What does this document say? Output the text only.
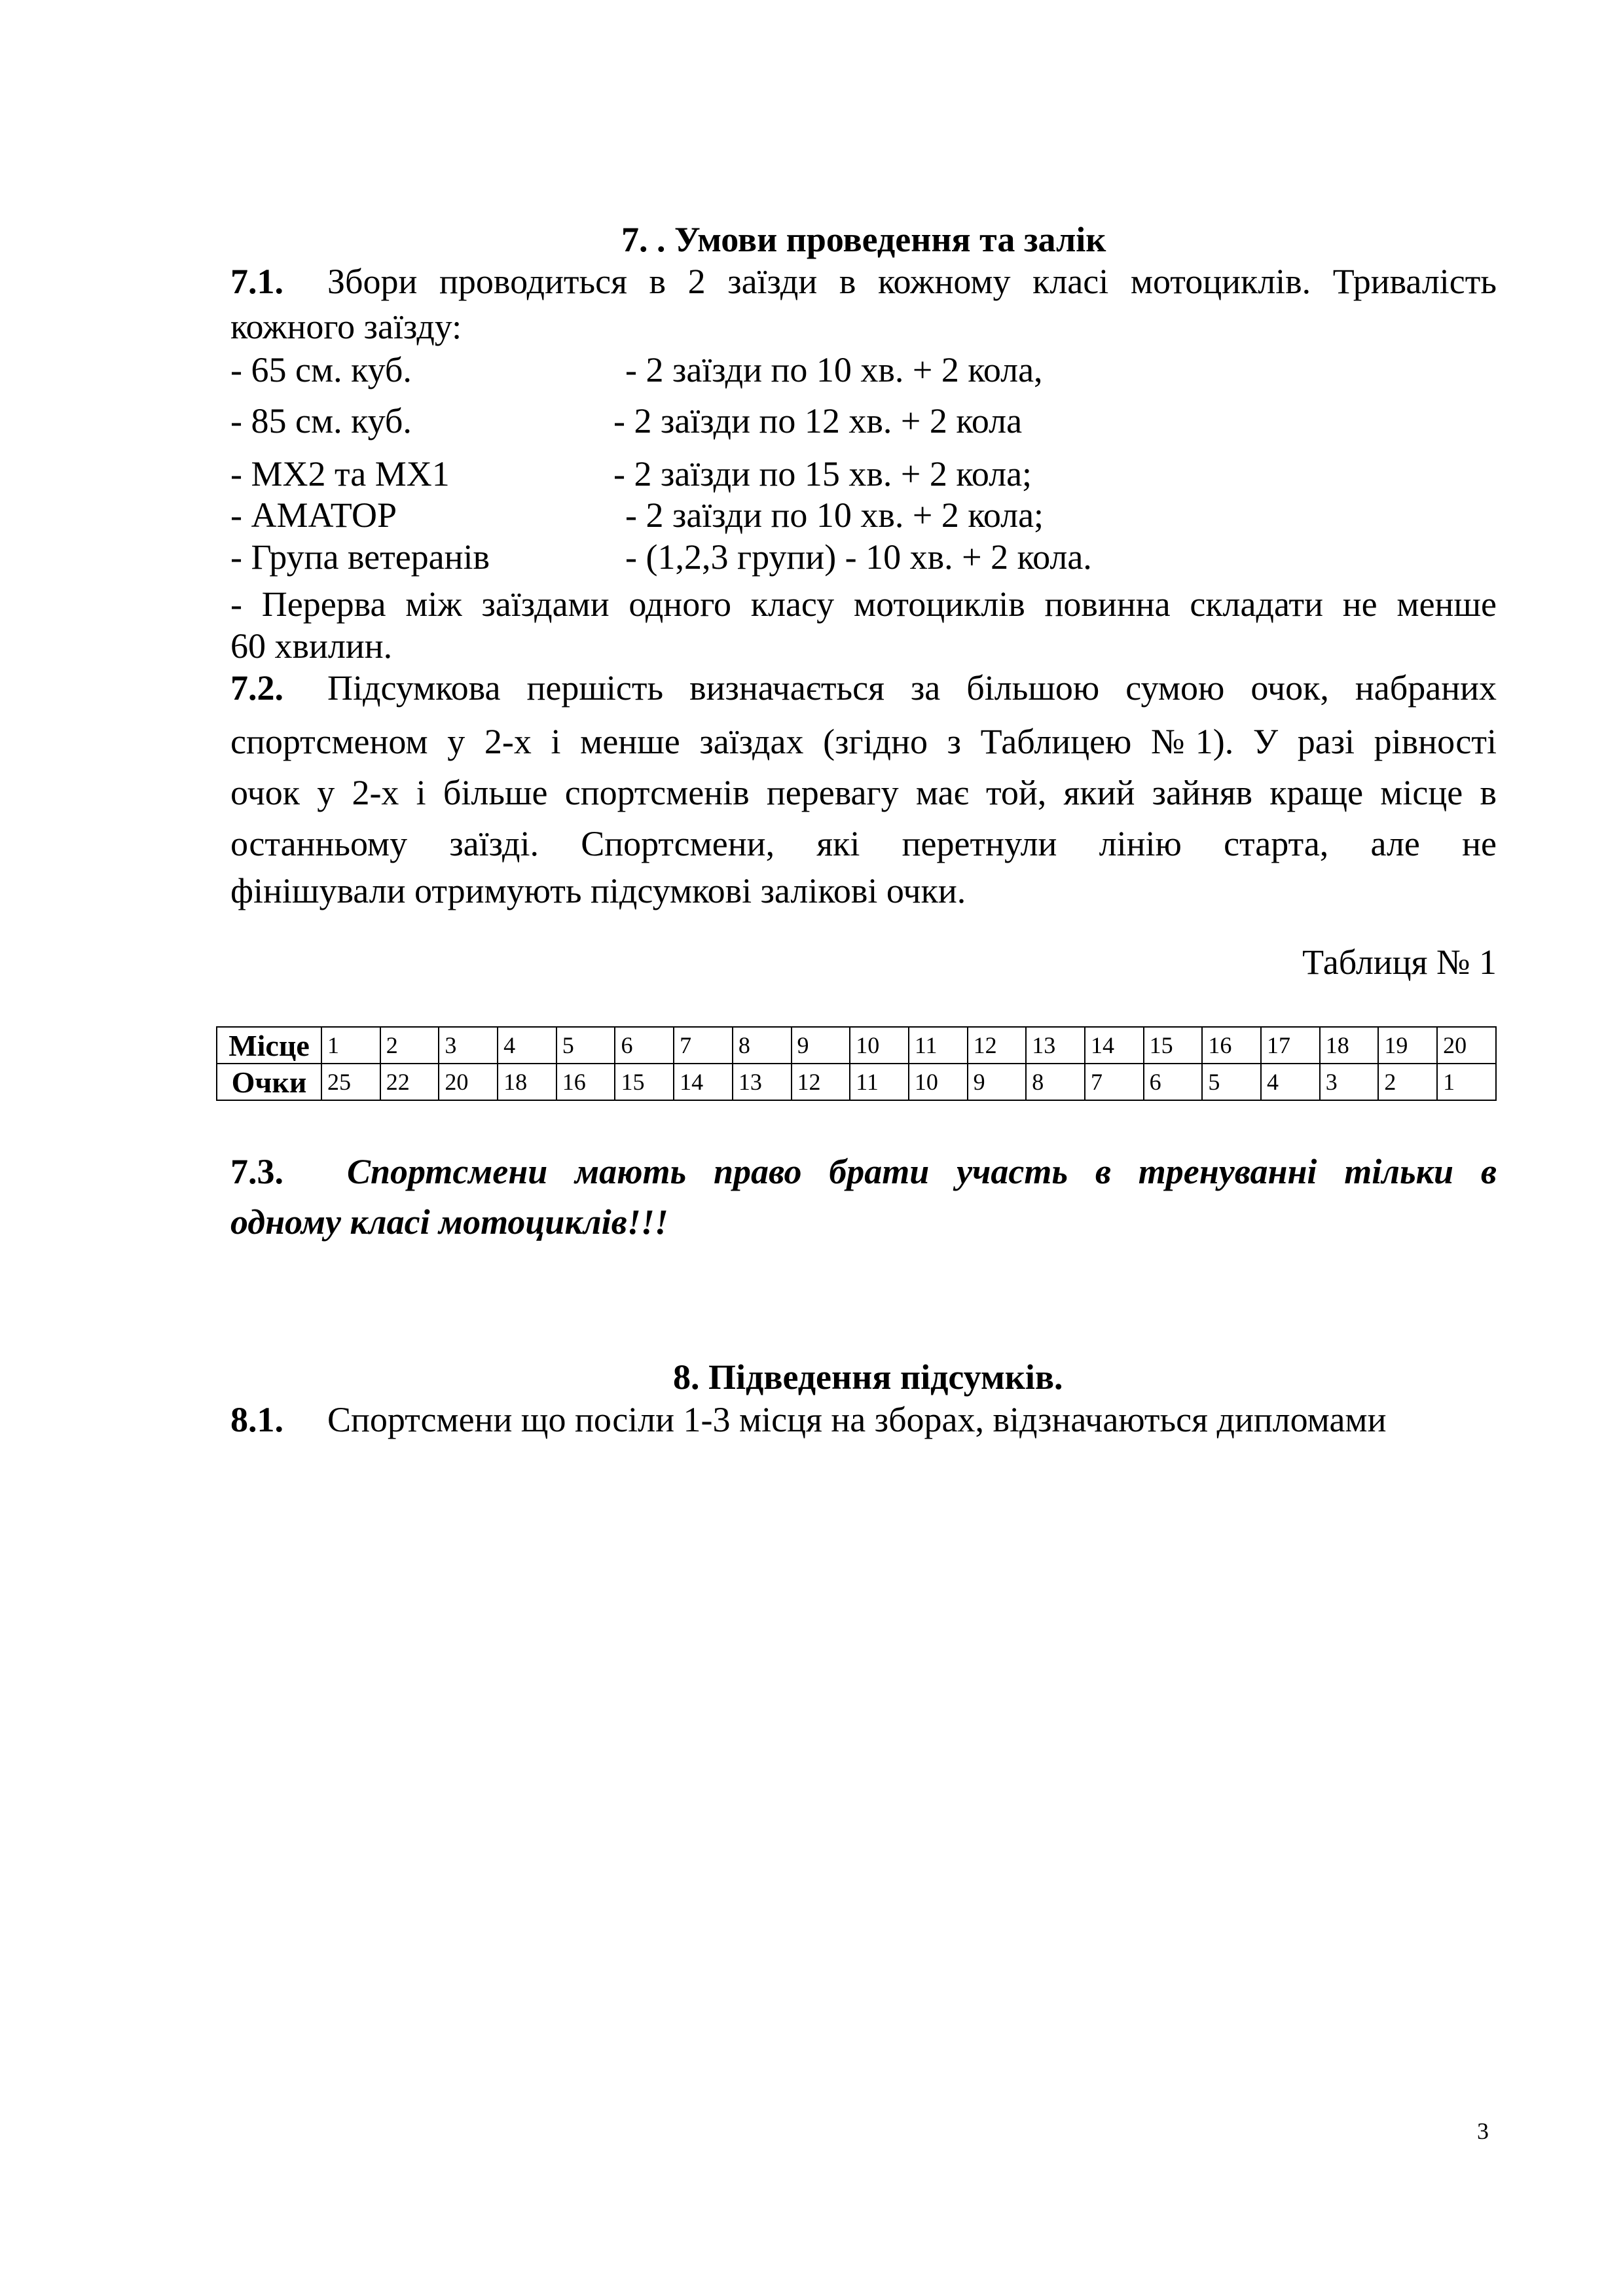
7. . Умови проведення та залік
7.1. Збори проводиться в 2 заїзди в кожному класі мотоциклів. Тривалість
кожного заїзду:
- 65 см. куб.	- 2 заїзди по 10 хв. + 2 кола,
- 85 см. куб.	- 2 заїзди по 12 хв. + 2 кола
- MX2 та MX1	- 2 заїзди по 15 хв. + 2 кола;
- АМАТОР	- 2 заїзди по 10 хв. + 2 кола;
- Група ветеранів	- (1,2,3 групи) - 10 хв. + 2 кола.
- Перерва між заїздами одного класу мотоциклів повинна складати не менше
60 хвилин.
7.2. Підсумкова першість визначається за більшою сумою очок, набраних
спортсменом у 2-х і менше заїздах (згідно з Таблицею №1). У разі рівності
очок у 2-х і більше спортсменів перевагу має той, який зайняв краще місце в
останньому заїзді. Спортсмени, які перетнули лінію старта, але не
фінішували отримують підсумкові залікові очки.
Таблиця № 1
Місце	1	2	3	4	5	6	7	8	9	10	11	12	13	14	15	16	17	18	19	20
Очки	25	22	20	18	16	15	14	13	12	11	10	9	8	7	6	5	4	3	2	1
7.3. Спортсмени мають право брати участь в тренуванні тільки в
одному класі мотоциклів!!!
8. Підведення підсумків.
8.1. Спортсмени що посіли 1-3 місця на зборах, відзначаються дипломами
3
